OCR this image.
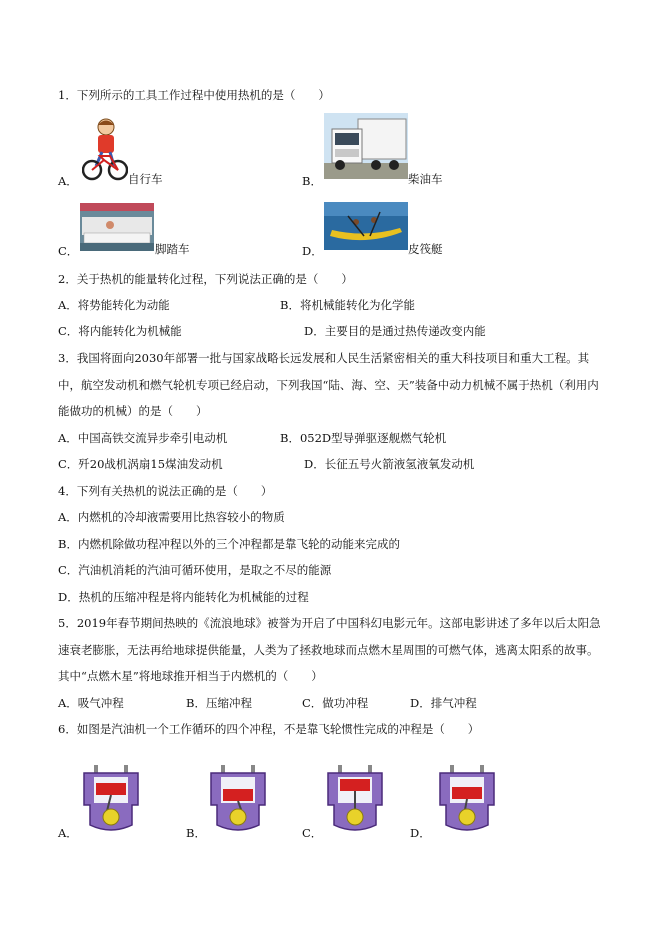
1．下列所示的工具工作过程中使用热机的是（　　）
A．	自行车	B．	柴油车
C．	脚踏车	D．	皮筏艇
2．关于热机的能量转化过程，下列说法正确的是（　　）
A．将势能转化为动能	B．将机械能转化为化学能
C．将内能转化为机械能	D．主要目的是通过热传递改变内能
3．我国将面向2030年部署一批与国家战略长远发展和人民生活紧密相关的重大科技项目和重大工程。其
中，航空发动机和燃气轮机专项已经启动，下列我国“陆、海、空、天”装备中动力机械不属于热机（利用内
能做功的机械）的是（　　）
A．中国高铁交流异步牵引电动机	B．052D型导弹驱逐舰燃气轮机
C．歼20战机涡扇15煤油发动机	D．长征五号火箭液氢液氧发动机
4．下列有关热机的说法正确的是（　　）
A．内燃机的冷却液需要用比热容较小的物质
B．内燃机除做功程冲程以外的三个冲程都是靠飞轮的动能来完成的
C．汽油机消耗的汽油可循环使用，是取之不尽的能源
D．热机的压缩冲程是将内能转化为机械能的过程
5．2019年春节期间热映的《流浪地球》被誉为开启了中国科幻电影元年。这部电影讲述了多年以后太阳急
速衰老膨胀，无法再给地球提供能量，人类为了拯救地球而点燃木星周围的可燃气体，逃离太阳系的故事。
其中“点燃木星”将地球推开相当于内燃机的（　　）
A．吸气冲程	B．压缩冲程	C．做功冲程	D．排气冲程
6．如图是汽油机一个工作循环的四个冲程，不是靠飞轮惯性完成的冲程是（　　）
A．	B．	C．	D．
